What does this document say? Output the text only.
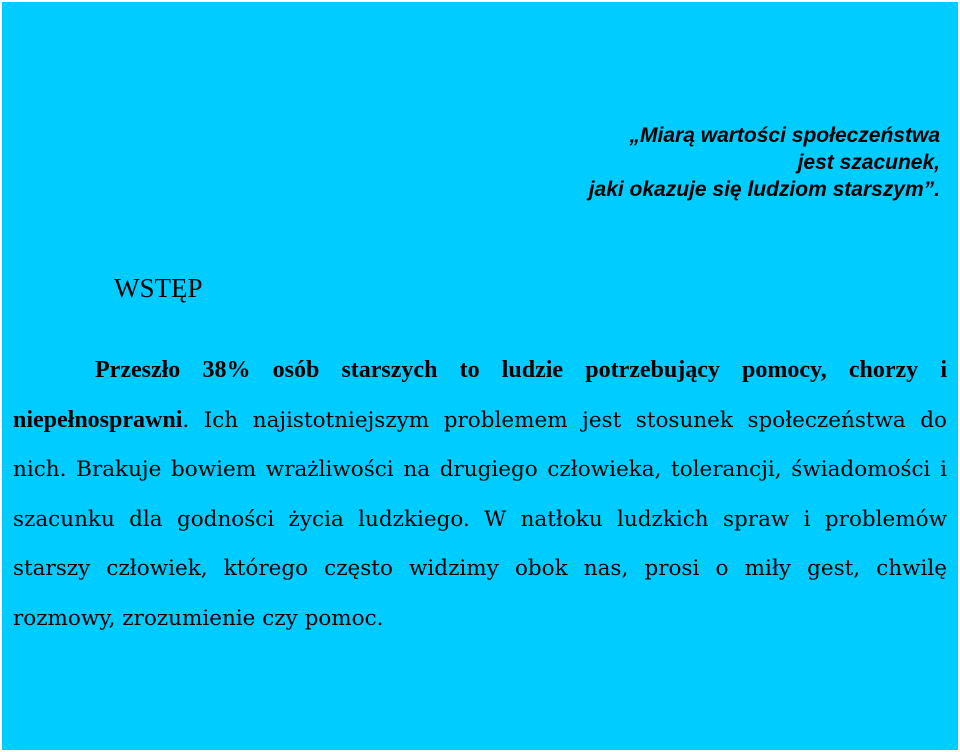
„Miarą wartości społeczeństwa
jest szacunek,
jaki okazuje się ludziom starszym”.
WSTĘP

Przeszło 38% osób starszych to ludzie potrzebujący pomocy, chorzy i niepełnosprawni. Ich najistotniejszym problemem jest stosunek społeczeństwa do nich. Brakuje bowiem wrażliwości na drugiego człowieka, tolerancji, świadomości i szacunku dla godności życia ludzkiego. W natłoku ludzkich spraw i problemów starszy człowiek, którego często widzimy obok nas, prosi o miły gest, chwilę rozmowy, zrozumienie czy pomoc.
